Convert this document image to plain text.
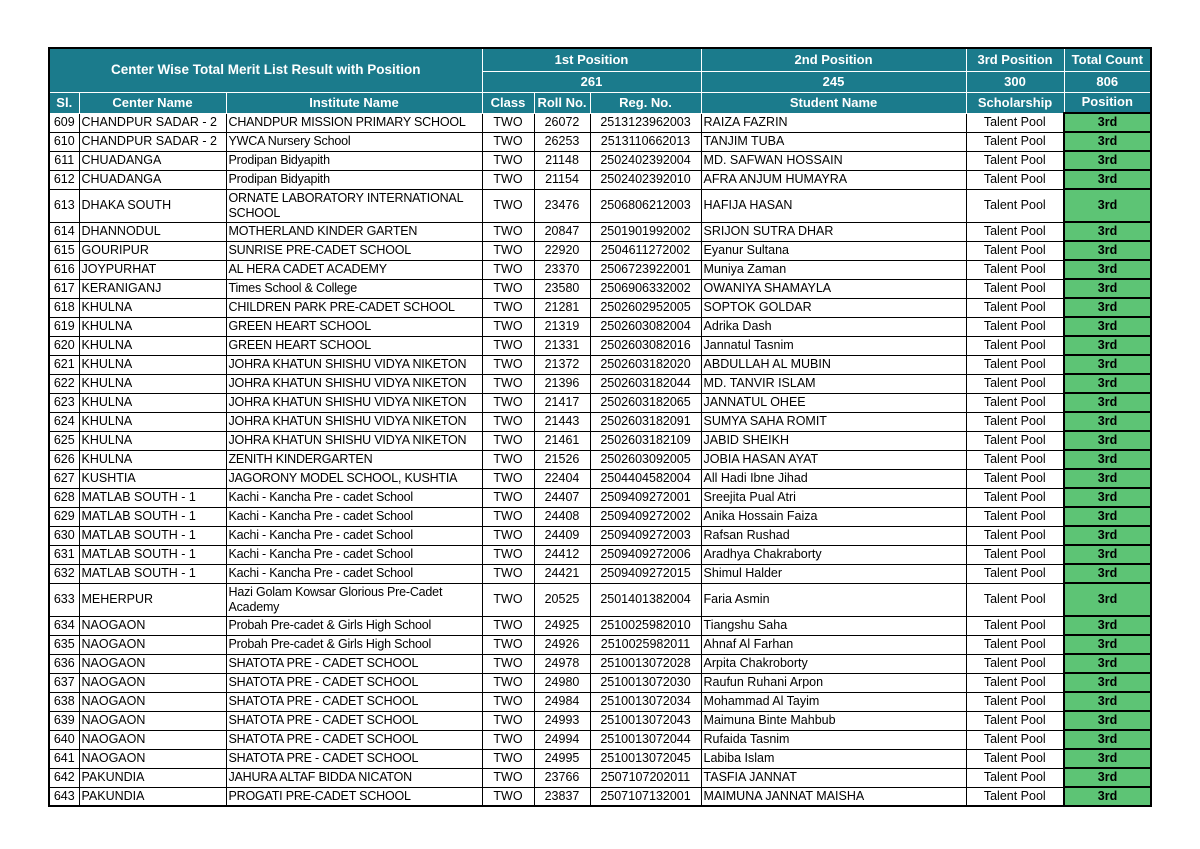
Center Wise Total Merit List Result with Position			1st Position			2nd Position	3rd Position	Total Count
			261			245	300	806
Sl.	Center Name	Institute Name	Class	Roll No.	Reg. No.	Student Name	Scholarship	Position
609	CHANDPUR SADAR - 2	CHANDPUR MISSION PRIMARY SCHOOL	TWO	26072	2513123962003	RAIZA FAZRIN	Talent Pool	3rd
610	CHANDPUR SADAR - 2	YWCA Nursery School	TWO	26253	2513110662013	TANJIM TUBA	Talent Pool	3rd
611	CHUADANGA	Prodipan Bidyapith	TWO	21148	2502402392004	MD. SAFWAN HOSSAIN	Talent Pool	3rd
612	CHUADANGA	Prodipan Bidyapith	TWO	21154	2502402392010	AFRA ANJUM HUMAYRA	Talent Pool	3rd
613	DHAKA SOUTH	ORNATE LABORATORY INTERNATIONAL SCHOOL	TWO	23476	2506806212003	HAFIJA HASAN	Talent Pool	3rd
614	DHANNODUL	MOTHERLAND KINDER GARTEN	TWO	20847	2501901992002	SRIJON SUTRA DHAR	Talent Pool	3rd
615	GOURIPUR	SUNRISE PRE-CADET SCHOOL	TWO	22920	2504611272002	Eyanur Sultana	Talent Pool	3rd
616	JOYPURHAT	AL HERA CADET ACADEMY	TWO	23370	2506723922001	Muniya Zaman	Talent Pool	3rd
617	KERANIGANJ	Times School & College	TWO	23580	2506906332002	OWANIYA SHAMAYLA	Talent Pool	3rd
618	KHULNA	CHILDREN PARK PRE-CADET SCHOOL	TWO	21281	2502602952005	SOPTOK GOLDAR	Talent Pool	3rd
619	KHULNA	GREEN HEART SCHOOL	TWO	21319	2502603082004	Adrika Dash	Talent Pool	3rd
620	KHULNA	GREEN HEART SCHOOL	TWO	21331	2502603082016	Jannatul Tasnim	Talent Pool	3rd
621	KHULNA	JOHRA KHATUN SHISHU VIDYA NIKETON	TWO	21372	2502603182020	ABDULLAH AL MUBIN	Talent Pool	3rd
622	KHULNA	JOHRA KHATUN SHISHU VIDYA NIKETON	TWO	21396	2502603182044	MD. TANVIR ISLAM	Talent Pool	3rd
623	KHULNA	JOHRA KHATUN SHISHU VIDYA NIKETON	TWO	21417	2502603182065	JANNATUL OHEE	Talent Pool	3rd
624	KHULNA	JOHRA KHATUN SHISHU VIDYA NIKETON	TWO	21443	2502603182091	SUMYA SAHA ROMIT	Talent Pool	3rd
625	KHULNA	JOHRA KHATUN SHISHU VIDYA NIKETON	TWO	21461	2502603182109	JABID SHEIKH	Talent Pool	3rd
626	KHULNA	ZENITH KINDERGARTEN	TWO	21526	2502603092005	JOBIA HASAN AYAT	Talent Pool	3rd
627	KUSHTIA	JAGORONY MODEL SCHOOL, KUSHTIA	TWO	22404	2504404582004	All Hadi Ibne Jihad	Talent Pool	3rd
628	MATLAB SOUTH - 1	Kachi - Kancha Pre - cadet School	TWO	24407	2509409272001	Sreejita Pual Atri	Talent Pool	3rd
629	MATLAB SOUTH - 1	Kachi - Kancha Pre - cadet School	TWO	24408	2509409272002	Anika Hossain Faiza	Talent Pool	3rd
630	MATLAB SOUTH - 1	Kachi - Kancha Pre - cadet School	TWO	24409	2509409272003	Rafsan Rushad	Talent Pool	3rd
631	MATLAB SOUTH - 1	Kachi - Kancha Pre - cadet School	TWO	24412	2509409272006	Aradhya Chakraborty	Talent Pool	3rd
632	MATLAB SOUTH - 1	Kachi - Kancha Pre - cadet School	TWO	24421	2509409272015	Shimul Halder	Talent Pool	3rd
633	MEHERPUR	Hazi Golam Kowsar Glorious Pre-Cadet Academy	TWO	20525	2501401382004	Faria Asmin	Talent Pool	3rd
634	NAOGAON	Probah Pre-cadet & Girls High School	TWO	24925	2510025982010	Tiangshu Saha	Talent Pool	3rd
635	NAOGAON	Probah Pre-cadet & Girls High School	TWO	24926	2510025982011	Ahnaf Al Farhan	Talent Pool	3rd
636	NAOGAON	SHATOTA PRE - CADET SCHOOL	TWO	24978	2510013072028	Arpita Chakroborty	Talent Pool	3rd
637	NAOGAON	SHATOTA PRE - CADET SCHOOL	TWO	24980	2510013072030	Raufun Ruhani Arpon	Talent Pool	3rd
638	NAOGAON	SHATOTA PRE - CADET SCHOOL	TWO	24984	2510013072034	Mohammad Al Tayim	Talent Pool	3rd
639	NAOGAON	SHATOTA PRE - CADET SCHOOL	TWO	24993	2510013072043	Maimuna Binte Mahbub	Talent Pool	3rd
640	NAOGAON	SHATOTA PRE - CADET SCHOOL	TWO	24994	2510013072044	Rufaida Tasnim	Talent Pool	3rd
641	NAOGAON	SHATOTA PRE - CADET SCHOOL	TWO	24995	2510013072045	Labiba Islam	Talent Pool	3rd
642	PAKUNDIA	JAHURA ALTAF BIDDA NICATON	TWO	23766	2507107202011	TASFIA JANNAT	Talent Pool	3rd
643	PAKUNDIA	PROGATI PRE-CADET SCHOOL	TWO	23837	2507107132001	MAIMUNA JANNAT MAISHA	Talent Pool	3rd
